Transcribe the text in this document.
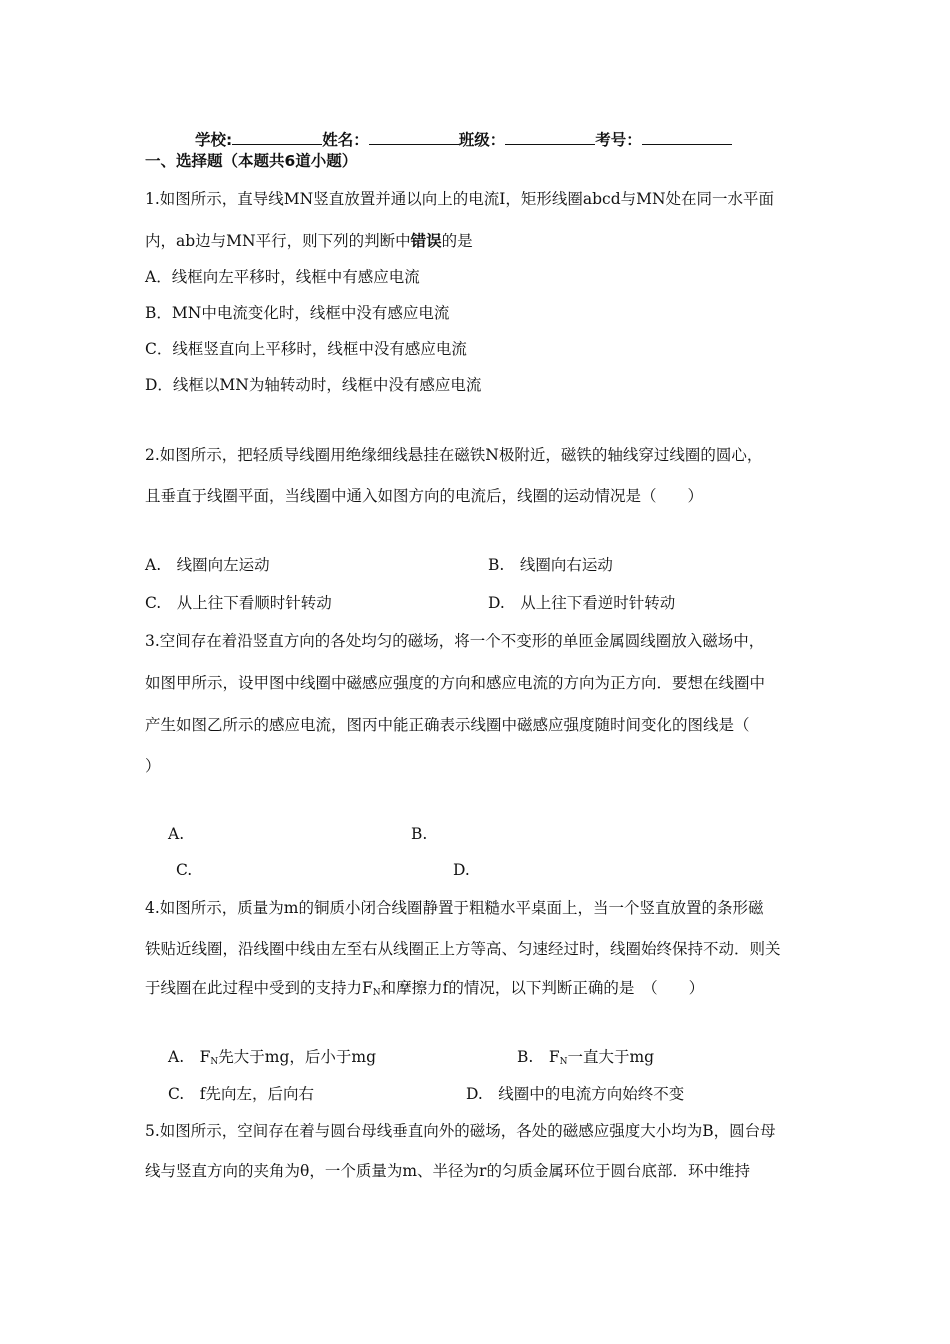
学校:	姓名：	班级：	考号：
一、选择题（本题共6道小题）
1.如图所示，直导线MN竖直放置并通以向上的电流I，矩形线圈abcd与MN处在同一水平面
内，ab边与MN平行，则下列的判断中错误的是
A．线框向左平移时，线框中有感应电流
B．MN中电流变化时，线框中没有感应电流
C．线框竖直向上平移时，线框中没有感应电流
D．线框以MN为轴转动时，线框中没有感应电流
2.如图所示，把轻质导线圈用绝缘细线悬挂在磁铁N极附近，磁铁的轴线穿过线圈的圆心，
且垂直于线圈平面，当线圈中通入如图方向的电流后，线圈的运动情况是（　　）
A.　线圈向左运动	B.　线圈向右运动
C.　从上往下看顺时针转动	D.　从上往下看逆时针转动
3.空间存在着沿竖直方向的各处均匀的磁场，将一个不变形的单匝金属圆线圈放入磁场中，
如图甲所示，设甲图中线圈中磁感应强度的方向和感应电流的方向为正方向．要想在线圈中
产生如图乙所示的感应电流，图丙中能正确表示线圈中磁感应强度随时间变化的图线是（
）
A.	B.
C.	D.
4.如图所示，质量为m的铜质小闭合线圈静置于粗糙水平桌面上，当一个竖直放置的条形磁
铁贴近线圈，沿线圈中线由左至右从线圈正上方等高、匀速经过时，线圈始终保持不动．则关
于线圈在此过程中受到的支持力$F_N$和摩擦力f的情况，以下判断正确的是　（　　）
A.　$F_N$先大于mg，后小于mg	B.　$F_N$一直大于mg
C.　f先向左，后向右	D.　线圈中的电流方向始终不变
5.如图所示，空间存在着与圆台母线垂直向外的磁场，各处的磁感应强度大小均为B，圆台母
线与竖直方向的夹角为θ，一个质量为m、半径为r的匀质金属环位于圆台底部．环中维持
